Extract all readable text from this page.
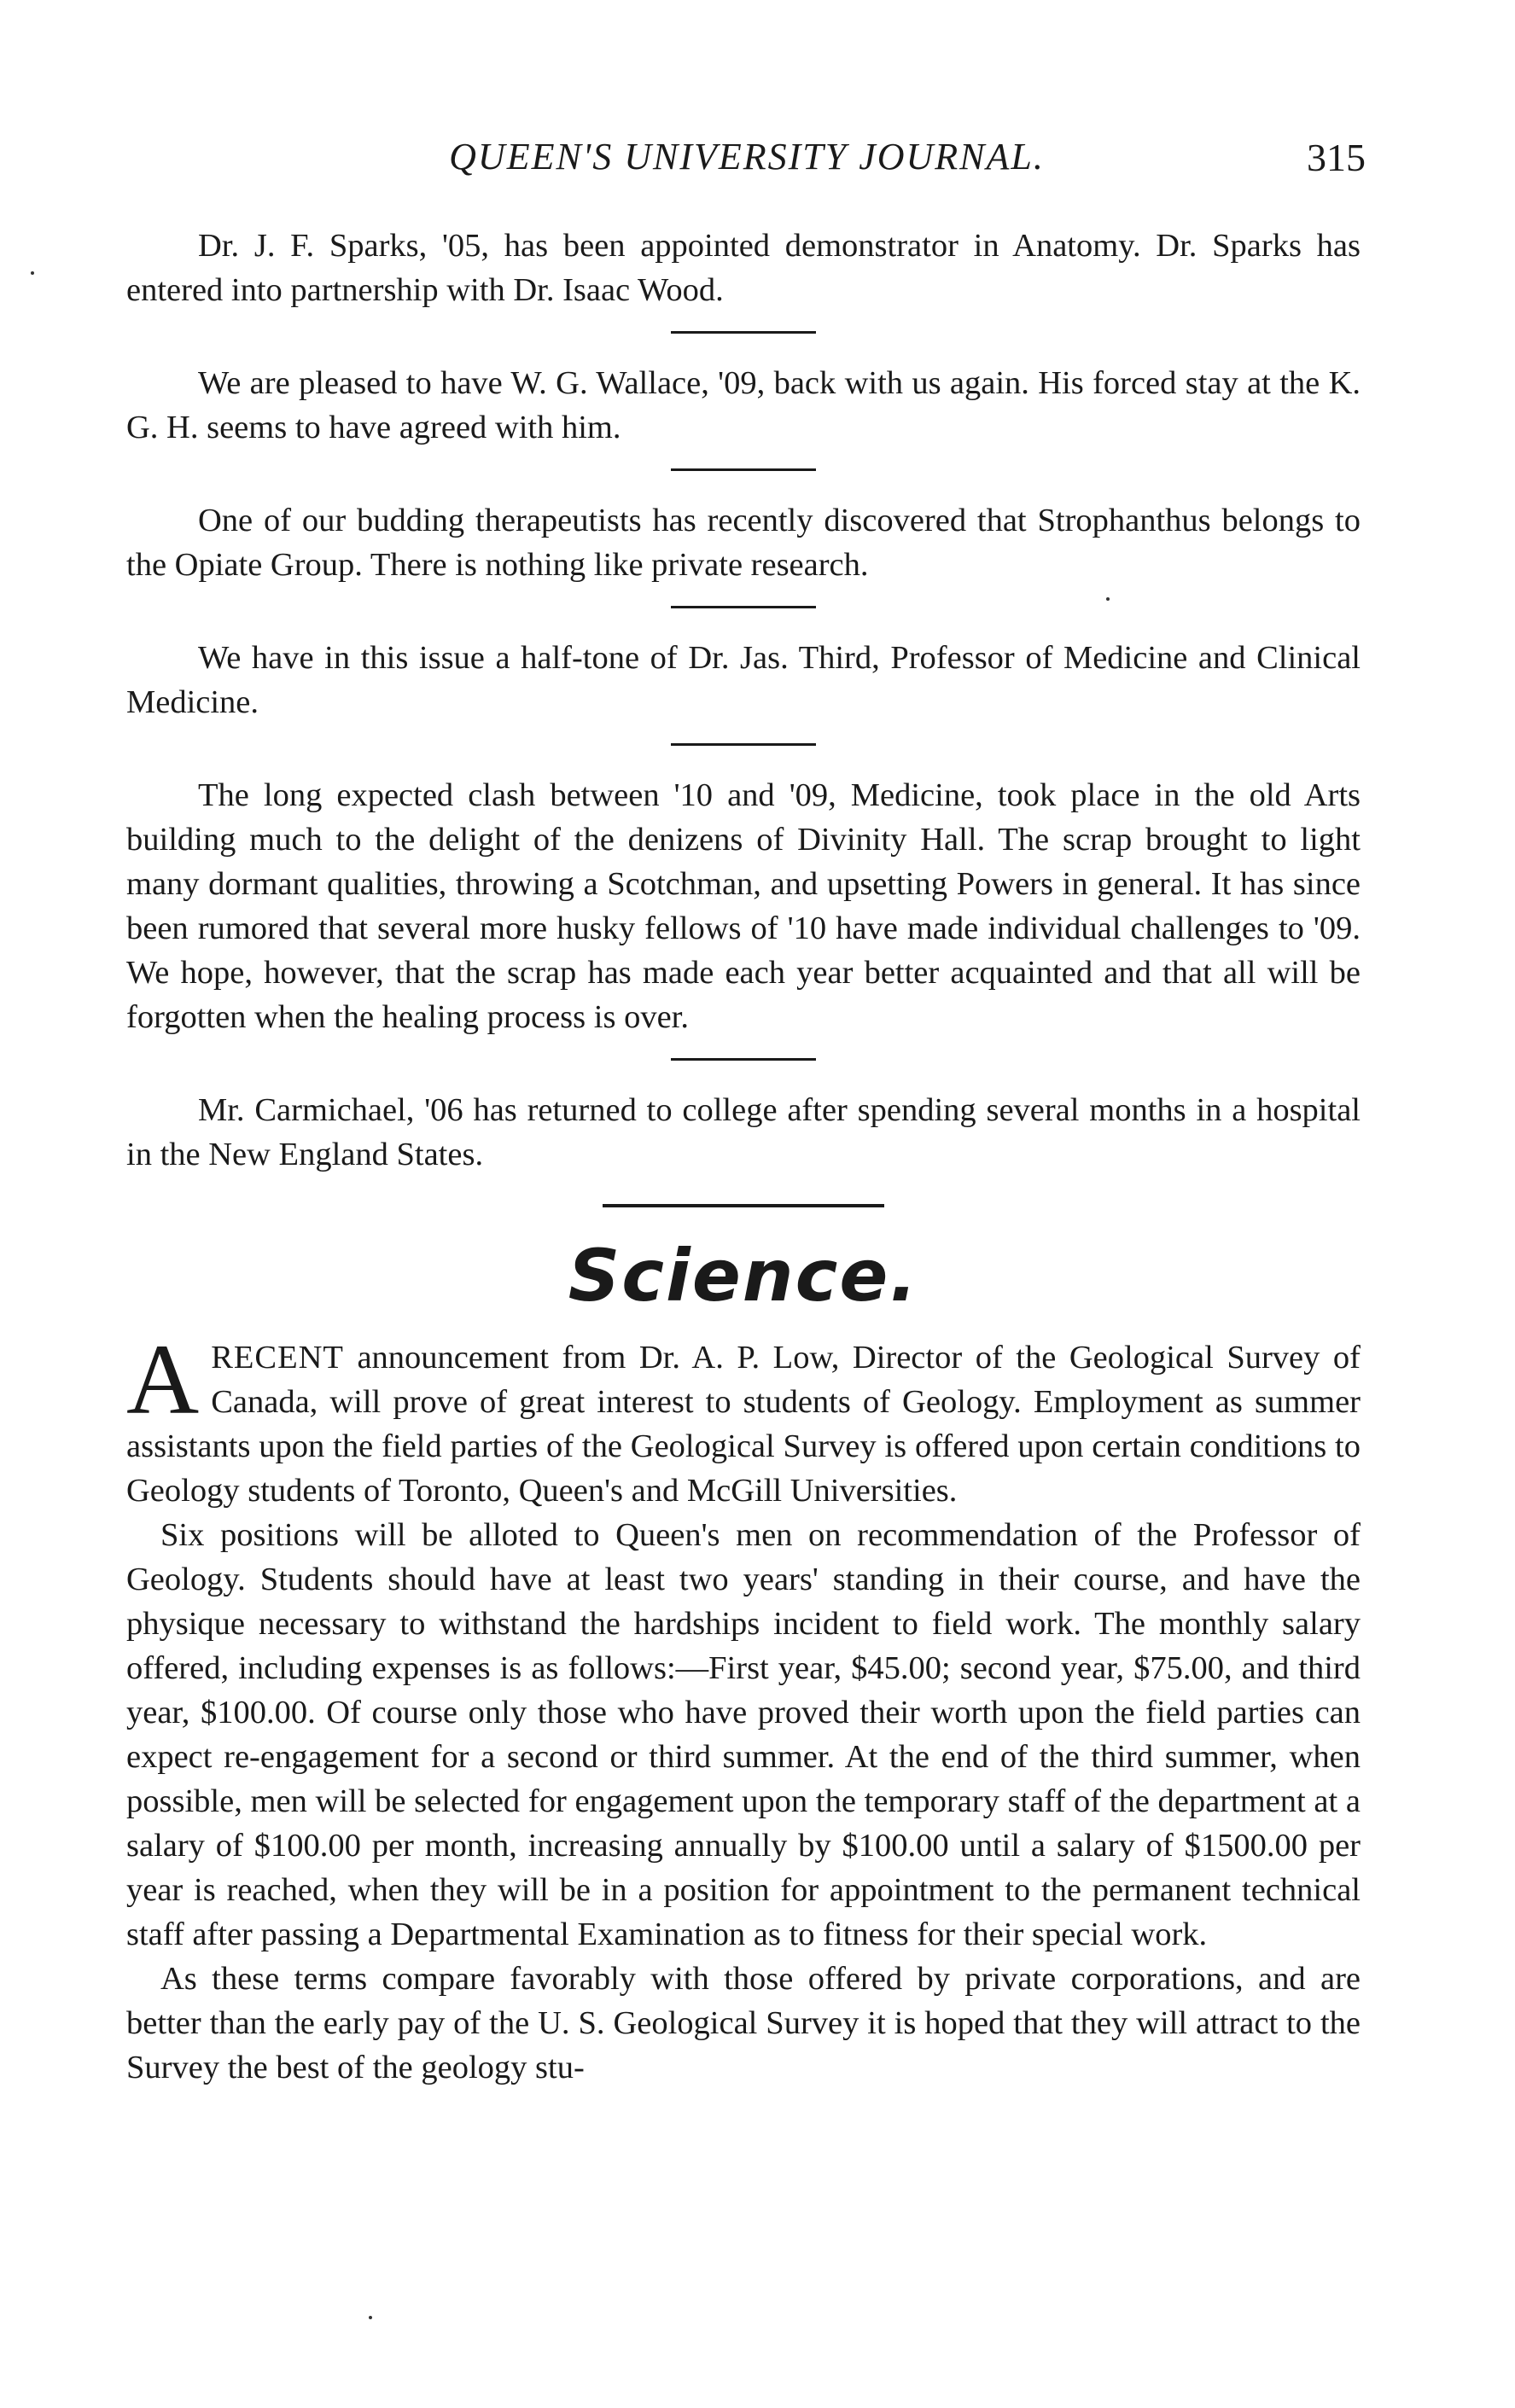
QUEEN'S UNIVERSITY JOURNAL.	315

Dr. J. F. Sparks, '05, has been appointed demonstrator in Anatomy. Dr. Sparks has entered into partnership with Dr. Isaac Wood.

We are pleased to have W. G. Wallace, '09, back with us again. His forced stay at the K. G. H. seems to have agreed with him.

One of our budding therapeutists has recently discovered that Strophanthus belongs to the Opiate Group. There is nothing like private research.

We have in this issue a half-tone of Dr. Jas. Third, Professor of Medicine and Clinical Medicine.

The long expected clash between '10 and '09, Medicine, took place in the old Arts building much to the delight of the denizens of Divinity Hall. The scrap brought to light many dormant qualities, throwing a Scotchman, and upsetting Powers in general. It has since been rumored that several more husky fellows of '10 have made individual challenges to '09. We hope, however, that the scrap has made each year better acquainted and that all will be forgotten when the healing process is over.

Mr. Carmichael, '06 has returned to college after spending several months in a hospital in the New England States.

Science.

ARECENT announcement from Dr. A. P. Low, Director of the Geological Survey of Canada, will prove of great interest to students of Geology. Employment as summer assistants upon the field parties of the Geological Survey is offered upon certain conditions to Geology students of Toronto, Queen's and McGill Universities.

Six positions will be alloted to Queen's men on recommendation of the Professor of Geology. Students should have at least two years' standing in their course, and have the physique necessary to withstand the hardships incident to field work. The monthly salary offered, including expenses is as follows:—First year, $45.00; second year, $75.00, and third year, $100.00. Of course only those who have proved their worth upon the field parties can expect re-engagement for a second or third summer. At the end of the third summer, when possible, men will be selected for engagement upon the temporary staff of the department at a salary of $100.00 per month, increasing annually by $100.00 until a salary of $1500.00 per year is reached, when they will be in a position for appointment to the permanent technical staff after passing a Departmental Examination as to fitness for their special work.

As these terms compare favorably with those offered by private corporations, and are better than the early pay of the U. S. Geological Survey it is hoped that they will attract to the Survey the best of the geology stu-
